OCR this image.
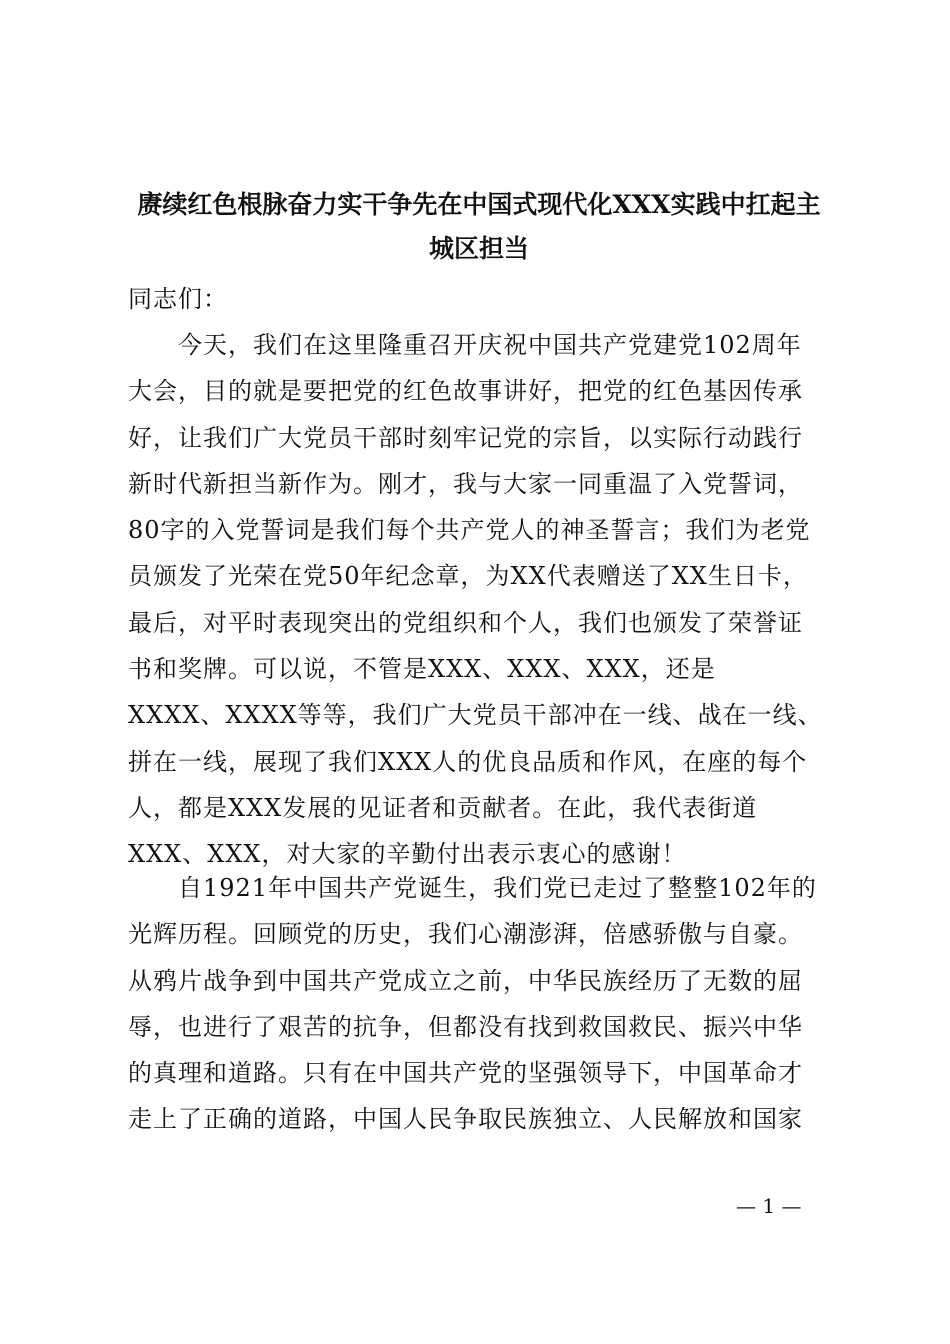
赓续红色根脉奋力实干争先在中国式现代化XXX实践中扛起主
城区担当

同志们：

　　今天，我们在这里隆重召开庆祝中国共产党建党102周年
大会，目的就是要把党的红色故事讲好，把党的红色基因传承
好，让我们广大党员干部时刻牢记党的宗旨，以实际行动践行
新时代新担当新作为。刚才，我与大家一同重温了入党誓词，
80字的入党誓词是我们每个共产党人的神圣誓言；我们为老党
员颁发了光荣在党50年纪念章，为XX代表赠送了XX生日卡，
最后，对平时表现突出的党组织和个人，我们也颁发了荣誉证
书和奖牌。可以说，不管是XXX、XXX、XXX，还是
XXXX、XXXX等等，我们广大党员干部冲在一线、战在一线、
拼在一线，展现了我们XXX人的优良品质和作风，在座的每个
人，都是XXX发展的见证者和贡献者。在此，我代表街道
XXX、XXX，对大家的辛勤付出表示衷心的感谢！
　　自1921年中国共产党诞生，我们党已走过了整整102年的
光辉历程。回顾党的历史，我们心潮澎湃，倍感骄傲与自豪。
从鸦片战争到中国共产党成立之前，中华民族经历了无数的屈
辱，也进行了艰苦的抗争，但都没有找到救国救民、振兴中华
的真理和道路。只有在中国共产党的坚强领导下，中国革命才
走上了正确的道路，中国人民争取民族独立、人民解放和国家
— 1 —
